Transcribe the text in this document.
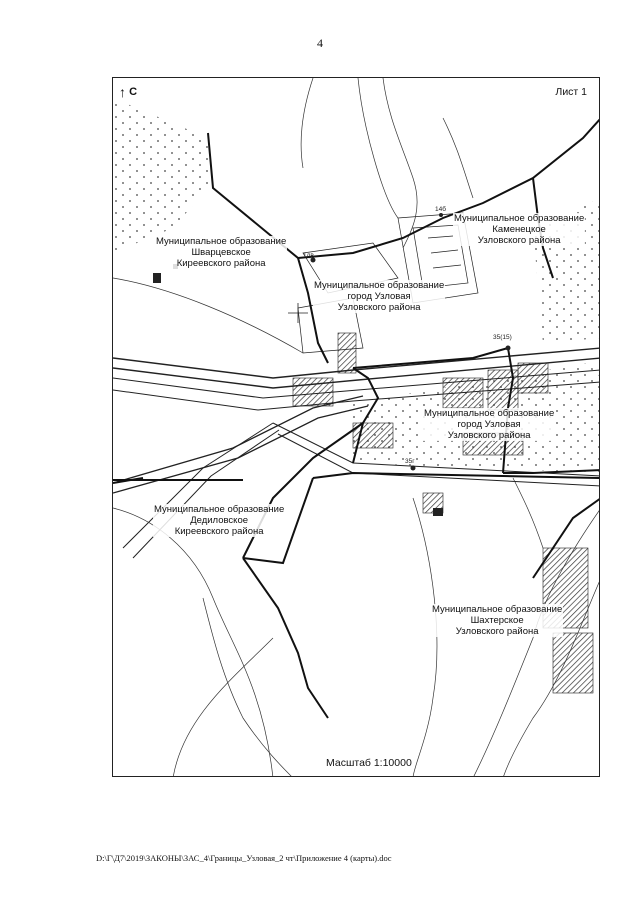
4
↑ С	Лист 1
Муниципальное образование
Шварцевское
Киреевского района
Муниципальное образование
Каменецкое
Узловского района
Муниципальное образование
город Узловая
Узловского района
Муниципальное образование
город Узловая
Узловского района
Муниципальное образование
Дедиловское
Киреевского района
Муниципальное образование
Шахтерское
Узловского района
35(15)
35г
14б
1дв
Масштаб 1:10000
D:\Г\Д7\2019\ЗАКОНЫ\ЗАС_4\Границы_Узловая_2 чт\Приложение 4 (карты).doc
